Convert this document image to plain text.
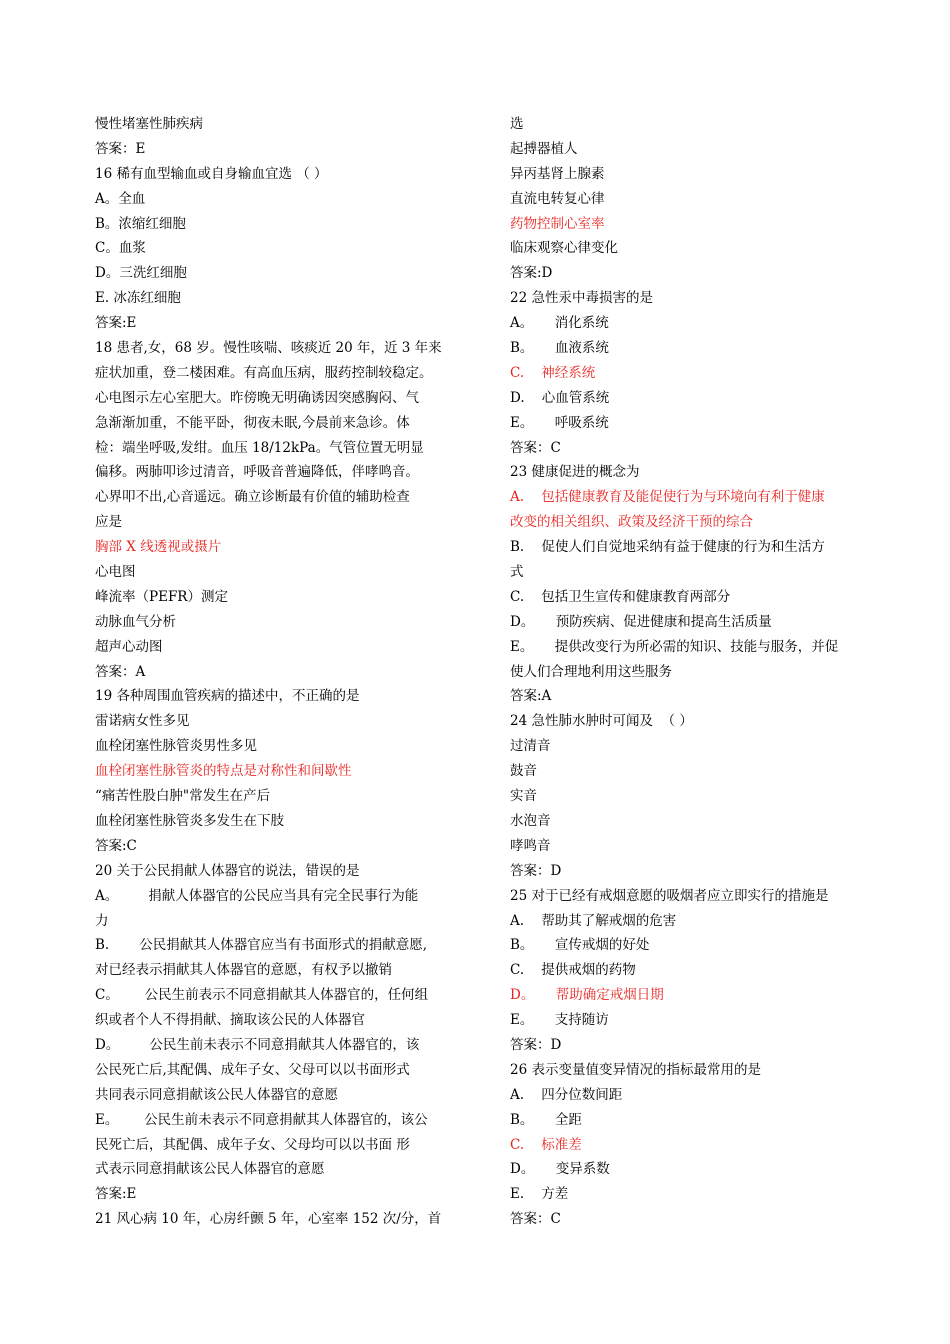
慢性堵塞性肺疾病
答案：E
16 稀有血型输血或自身输血宜选 （ ）
A。全血
B。浓缩红细胞
C。血浆
D。三洗红细胞
E. 冰冻红细胞
答案:E
18 患者,女，68 岁。慢性咳喘、咳痰近 20 年，近 3 年来
症状加重，登二楼困难。有高血压病，服药控制较稳定。
心电图示左心室肥大。昨傍晚无明确诱因突感胸闷、气
急渐渐加重，不能平卧，彻夜未眠,今晨前来急诊。体
检：端坐呼吸,发绀。血压 18/12kPa。气管位置无明显
偏移。两肺叩诊过清音，呼吸音普遍降低，伴哮鸣音。
心界叩不出,心音遥远。确立诊断最有价值的辅助检查
应是
胸部 X 线透视或摄片
心电图
峰流率（PEFR）测定
动脉血气分析
超声心动图
答案：A
19 各种周围血管疾病的描述中，不正确的是
雷诺病女性多见
血栓闭塞性脉管炎男性多见
血栓闭塞性脉管炎的特点是对称性和间歇性
“痛苦性股白肿"常发生在产后
血栓闭塞性脉管炎多发生在下肢
答案:C
20 关于公民捐献人体器官的说法，错误的是
A。       捐献人体器官的公民应当具有完全民事行为能
力
B.       公民捐献其人体器官应当有书面形式的捐献意愿,
对已经表示捐献其人体器官的意愿，有权予以撤销
C。      公民生前表示不同意捐献其人体器官的，任何组
织或者个人不得捐献、摘取该公民的人体器官
D。       公民生前未表示不同意捐献其人体器官的，该
公民死亡后,其配偶、成年子女、父母可以以书面形式
共同表示同意捐献该公民人体器官的意愿
E。      公民生前未表示不同意捐献其人体器官的，该公
民死亡后，其配偶、成年子女、父母均可以以书面 形
式表示同意捐献该公民人体器官的意愿
答案:E
21 风心病 10 年，心房纤颤 5 年，心室率 152 次/分，首
选
起搏器植人
异丙基肾上腺素
直流电转复心律
药物控制心室率
临床观察心律变化
答案:D
22 急性汞中毒损害的是
A。     消化系统
B。     血液系统
C.    神经系统
D.    心血管系统
E。     呼吸系统
答案：C
23 健康促进的概念为
A.    包括健康教育及能促使行为与环境向有利于健康
改变的相关组织、政策及经济干预的综合
B.    促使人们自觉地采纳有益于健康的行为和生活方
式
C.    包括卫生宣传和健康教育两部分
D。     预防疾病、促进健康和提高生活质量
E。     提供改变行为所必需的知识、技能与服务，并促
使人们合理地利用这些服务
答案:A
24 急性肺水肿时可闻及  （ ）
过清音
鼓音
实音
水泡音
哮鸣音
答案：D
25 对于已经有戒烟意愿的吸烟者应立即实行的措施是
A.    帮助其了解戒烟的危害
B。     宣传戒烟的好处
C.    提供戒烟的药物
D。     帮助确定戒烟日期
E。     支持随访
答案：D
26 表示变量值变异情况的指标最常用的是
A.    四分位数间距
B。     全距
C.    标准差
D。     变异系数
E.    方差
答案：C
